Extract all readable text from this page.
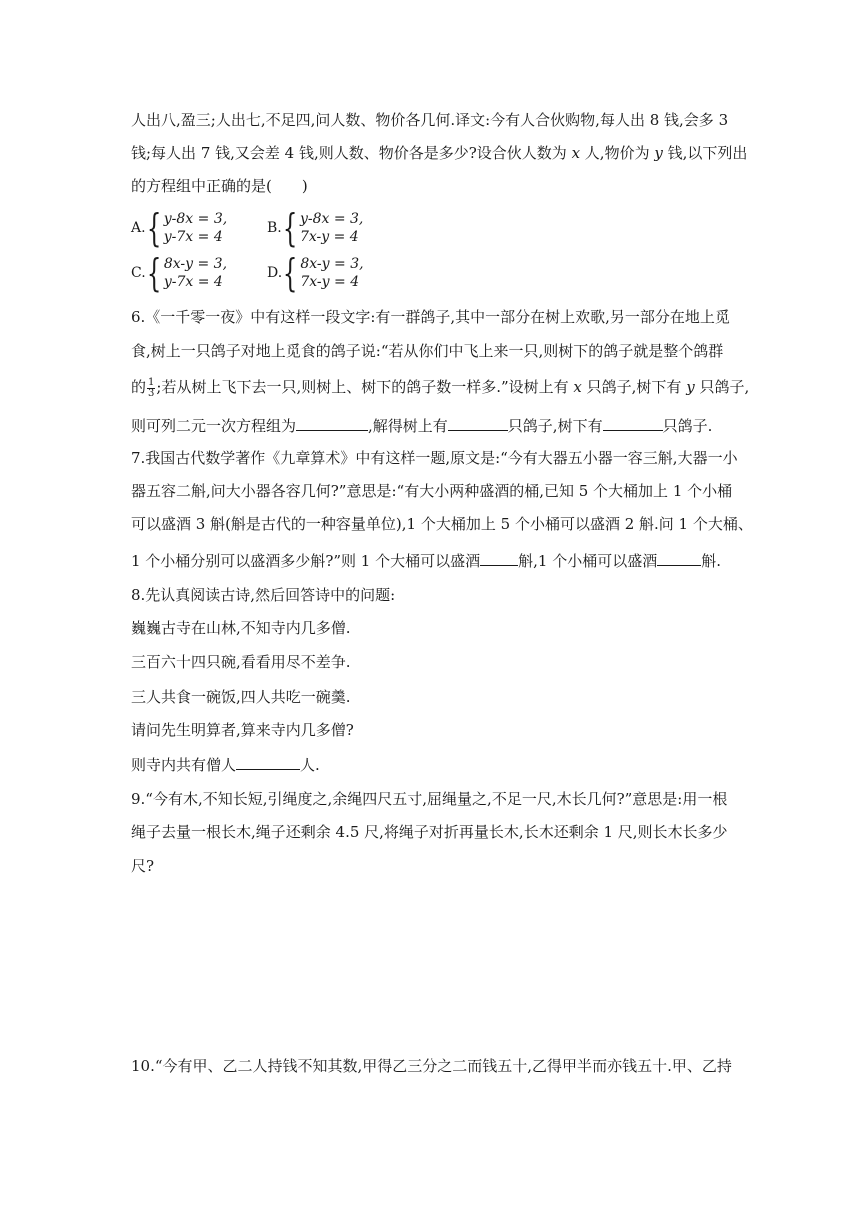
人出八,盈三;人出七,不足四,问人数、物价各几何.译文:今有人合伙购物,每人出 8 钱,会多 3
钱;每人出 7 钱,又会差 4 钱,则人数、物价各是多少?设合伙人数为 x 人,物价为 y 钱,以下列出
的方程组中正确的是(　　)
A. { y-8x = 3,
y-7x = 4
B. { y-8x = 3,
7x-y = 4
C. { 8x-y = 3,
y-7x = 4
D. { 8x-y = 3,
7x-y = 4
6.《一千零一夜》中有这样一段文字:有一群鸽子,其中一部分在树上欢歌,另一部分在地上觅
食,树上一只鸽子对地上觅食的鸽子说:“若从你们中飞上来一只,则树下的鸽子就是整个鸽群
的 $\frac{1}{3}$ ;若从树上飞下去一只,则树上、树下的鸽子数一样多.”设树上有 x 只鸽子,树下有 y 只鸽子,
则可列二元一次方程组为	,解得树上有	只鸽子,树下有	只鸽子.
7.我国古代数学著作《九章算术》中有这样一题,原文是:“今有大器五小器一容三斛,大器一小
器五容二斛,问大小器各容几何?”意思是:“有大小两种盛酒的桶,已知 5 个大桶加上 1 个小桶
可以盛酒 3 斛(斛是古代的一种容量单位),1 个大桶加上 5 个小桶可以盛酒 2 斛.问 1 个大桶、
1 个小桶分别可以盛酒多少斛?”则 1 个大桶可以盛酒	斛,1 个小桶可以盛酒	斛.
8.先认真阅读古诗,然后回答诗中的问题:
巍巍古寺在山林,不知寺内几多僧.
三百六十四只碗,看看用尽不差争.
三人共食一碗饭,四人共吃一碗羹.
请问先生明算者,算来寺内几多僧?
则寺内共有僧人	人.
9.“今有木,不知长短,引绳度之,余绳四尺五寸,屈绳量之,不足一尺,木长几何?”意思是:用一根
绳子去量一根长木,绳子还剩余 4.5 尺,将绳子对折再量长木,长木还剩余 1 尺,则长木长多少
尺?
10.“今有甲、乙二人持钱不知其数,甲得乙三分之二而钱五十,乙得甲半而亦钱五十.甲、乙持
